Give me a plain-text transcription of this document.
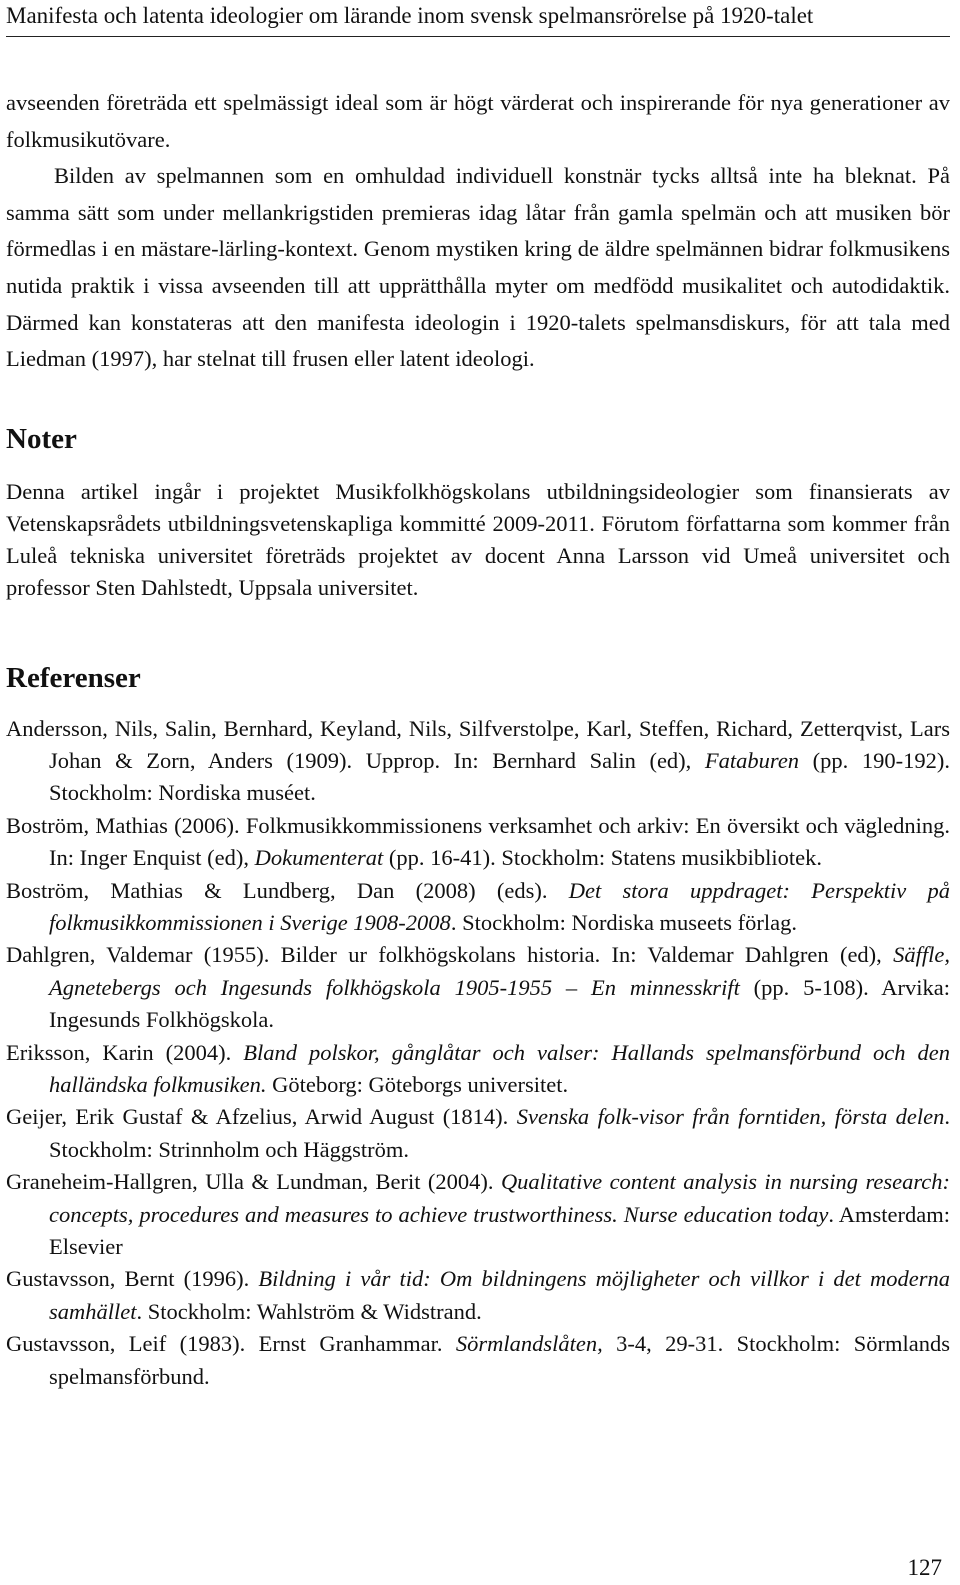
Manifesta och latenta ideologier om lärande inom svensk spelmansrörelse på 1920-talet

avseenden företräda ett spelmässigt ideal som är högt värderat och inspirerande för nya generationer av folkmusikutövare.

Bilden av spelmannen som en omhuldad individuell konstnär tycks alltså inte ha bleknat. På samma sätt som under mellankrigstiden premieras idag låtar från gamla spelmän och att musiken bör förmedlas i en mästare-lärling-kontext. Genom mystiken kring de äldre spelmännen bidrar folkmusikens nutida praktik i vissa avseenden till att upprätthålla myter om medfödd musikalitet och autodidaktik. Därmed kan konstateras att den manifesta ideologin i 1920-talets spelmansdiskurs, för att tala med Liedman (1997), har stelnat till frusen eller latent ideologi.

Noter

Denna artikel ingår i projektet Musikfolkhögskolans utbildningsideologier som finansierats av Vetenskapsrådets utbildningsvetenskapliga kommitté 2009-2011. Förutom författarna som kommer från Luleå tekniska universitet företräds projektet av docent Anna Larsson vid Umeå universitet och professor Sten Dahlstedt, Uppsala universitet.

Referenser

Andersson, Nils, Salin, Bernhard, Keyland, Nils, Silfverstolpe, Karl, Steffen, Richard, Zetterqvist, Lars Johan & Zorn, Anders (1909). Upprop. In: Bernhard Salin (ed), Fataburen (pp. 190-192). Stockholm: Nordiska muséet.

Boström, Mathias (2006). Folkmusikkommissionens verksamhet och arkiv: En översikt och vägledning. In: Inger Enquist (ed), Dokumenterat (pp. 16-41). Stockholm: Statens musikbibliotek.

Boström, Mathias & Lundberg, Dan (2008) (eds). Det stora uppdraget: Perspektiv på folkmusikkommissionen i Sverige 1908-2008. Stockholm: Nordiska museets förlag.

Dahlgren, Valdemar (1955). Bilder ur folkhögskolans historia. In: Valdemar Dahlgren (ed), Säffle, Agnetebergs och Ingesunds folkhögskola 1905-1955 – En minnesskrift (pp. 5-108). Arvika: Ingesunds Folkhögskola.

Eriksson, Karin (2004). Bland polskor, gånglåtar och valser: Hallands spelmansförbund och den halländska folkmusiken. Göteborg: Göteborgs universitet.

Geijer, Erik Gustaf & Afzelius, Arwid August (1814). Svenska folk-visor från forntiden, första delen. Stockholm: Strinnholm och Häggström.

Graneheim-Hallgren, Ulla & Lundman, Berit (2004). Qualitative content analysis in nursing research: concepts, procedures and measures to achieve trustworthiness. Nurse education today. Amsterdam: Elsevier

Gustavsson, Bernt (1996). Bildning i vår tid: Om bildningens möjligheter och villkor i det moderna samhället. Stockholm: Wahlström & Widstrand.

Gustavsson, Leif (1983). Ernst Granhammar. Sörmlandslåten, 3-4, 29-31. Stockholm: Sörmlands spelmansförbund.

127
